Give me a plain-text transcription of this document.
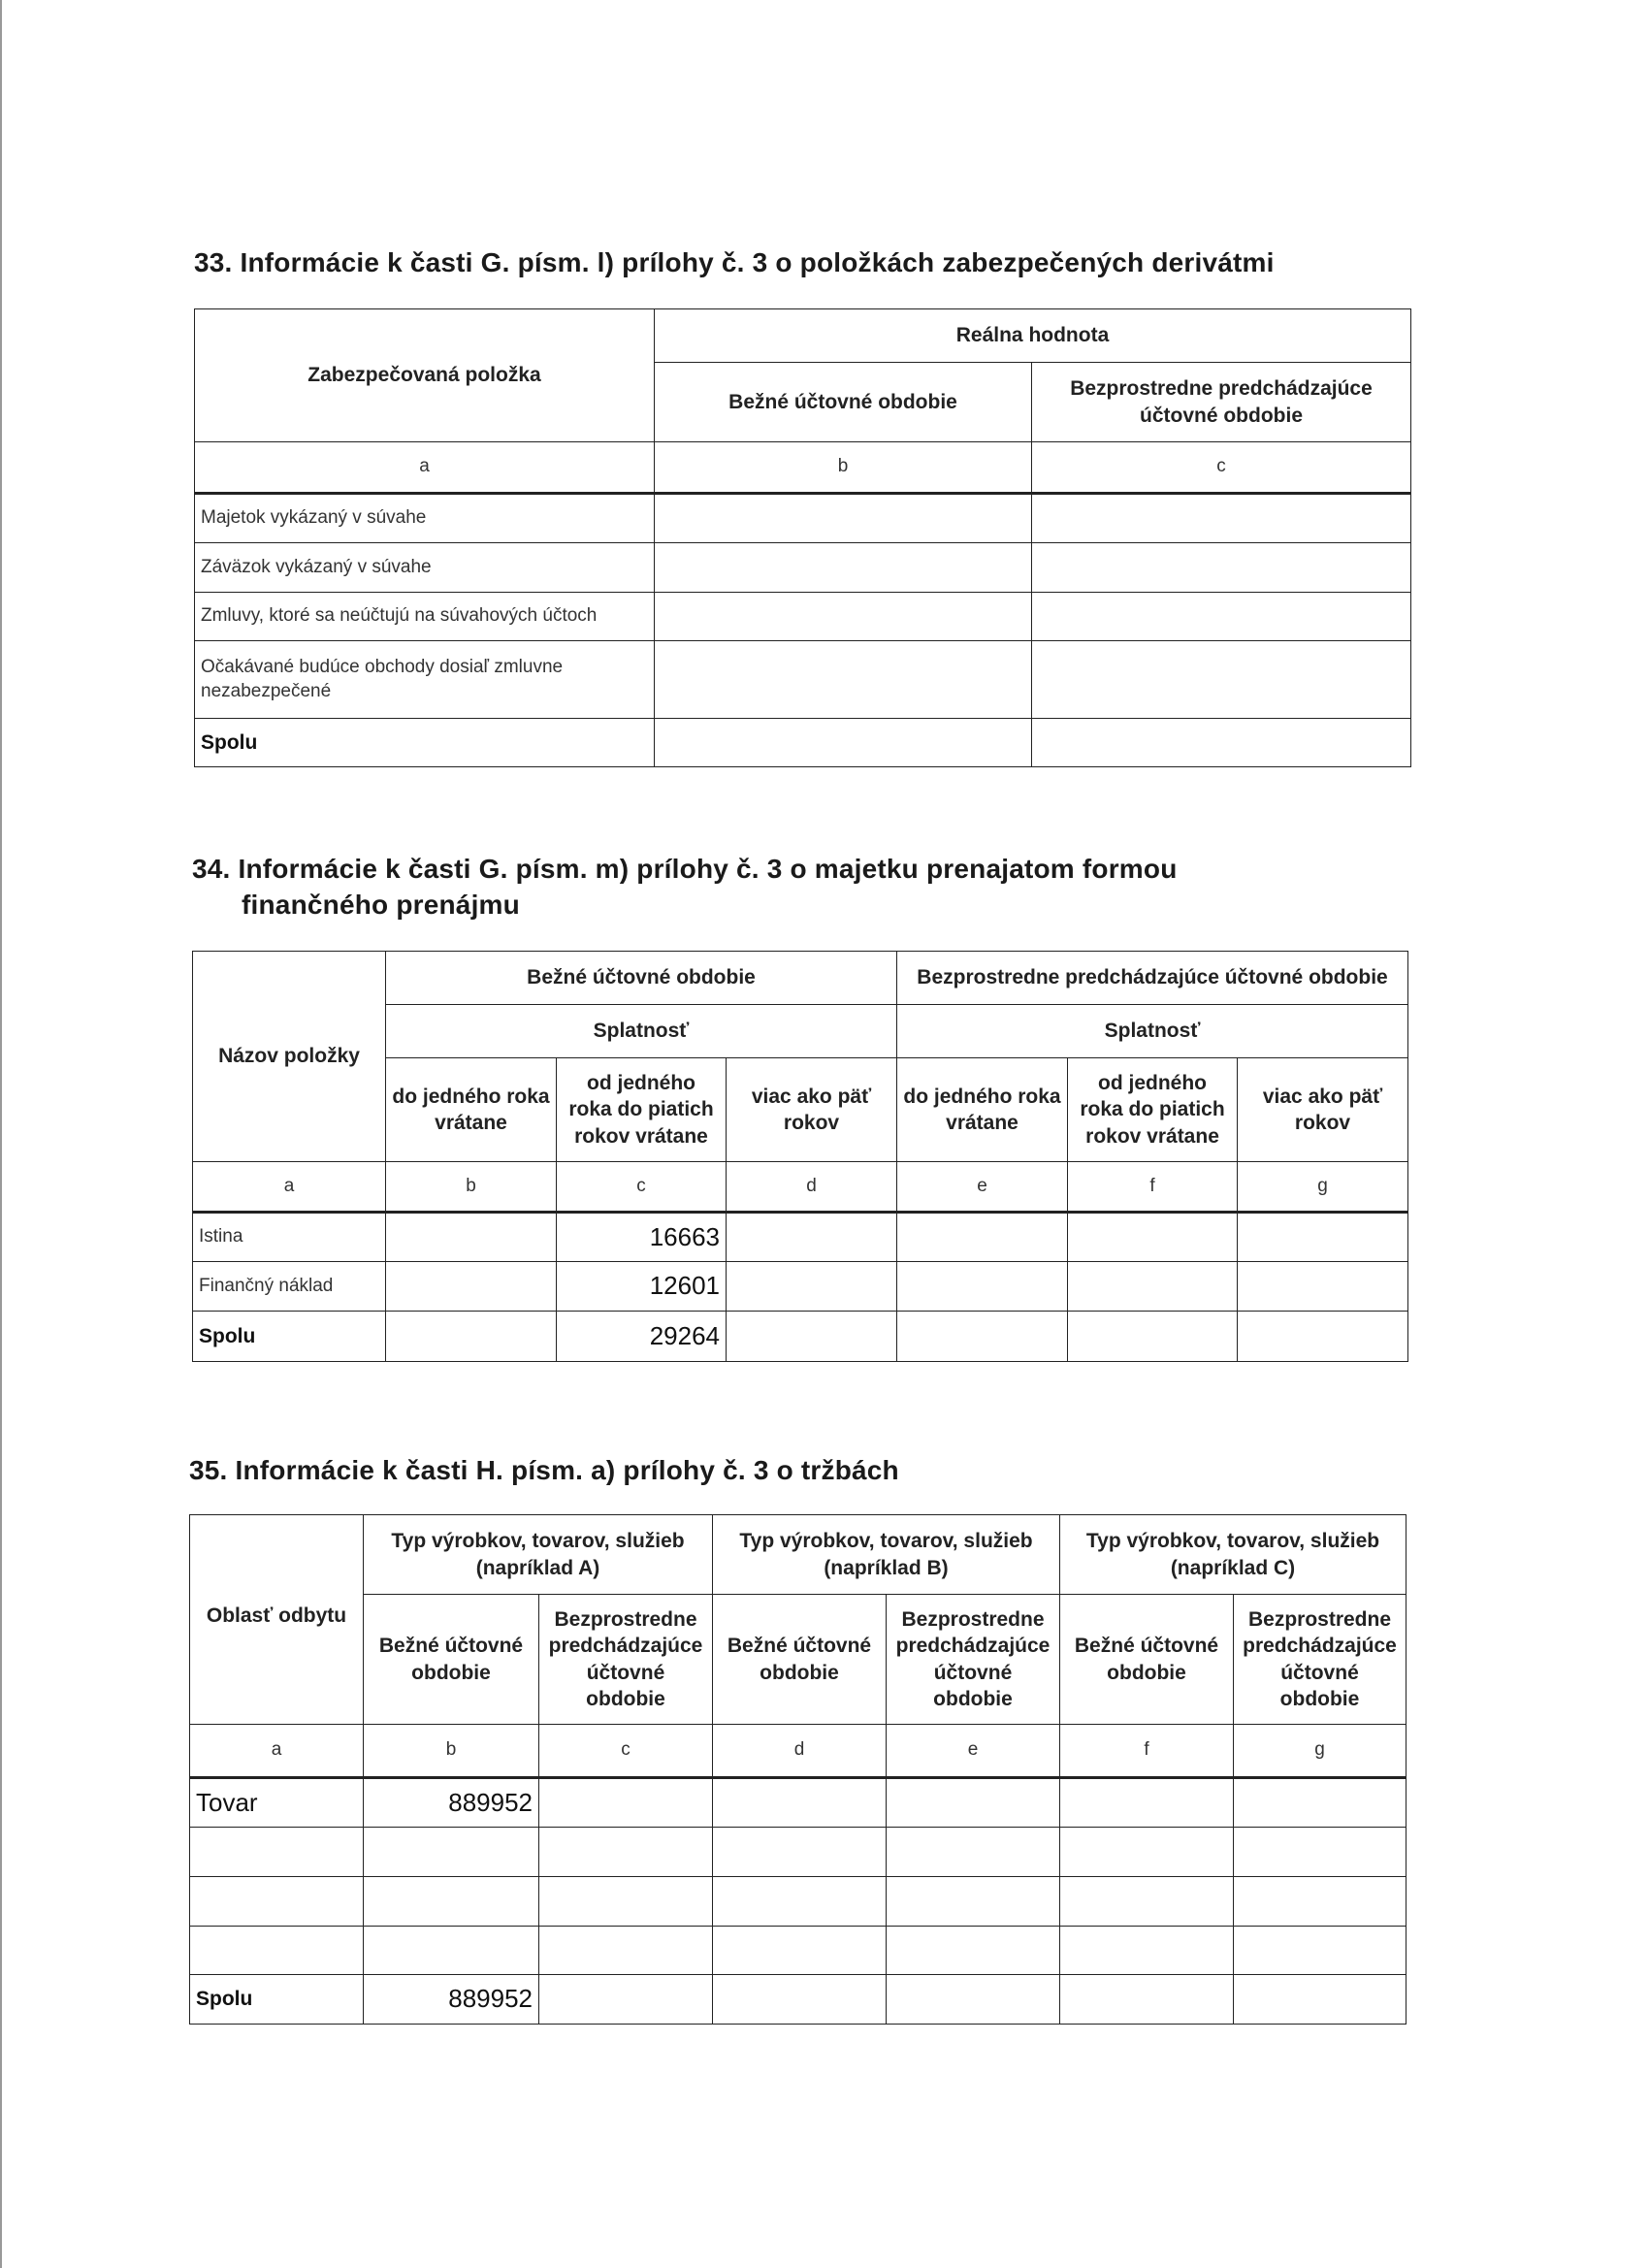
33. Informácie k časti G. písm. l) prílohy č. 3 o položkách zabezpečených derivátmi
Zabezpečovaná položka	Reálna hodnota	
	Bežné účtovné obdobie	Bezprostredne predchádzajúce účtovné obdobie
a	b	c
Majetok vykázaný v súvahe		
Záväzok vykázaný v súvahe		
Zmluvy, ktoré sa neúčtujú na súvahových účtoch		
Očakávané budúce obchody dosiaľ zmluvne nezabezpečené		
Spolu		
34. Informácie k časti G. písm. m) prílohy č. 3 o majetku prenajatom formou
finančného prenájmu
Názov položky	Bežné účtovné obdobie			Bezprostredne predchádzajúce účtovné obdobie		
	Splatnosť			Splatnosť		
	do jedného roka vrátane	od jedného roka do piatich rokov vrátane	viac ako päť rokov	do jedného roka vrátane	od jedného roka do piatich rokov vrátane	viac ako päť rokov
a	b	c	d	e	f	g
Istina		16663				
Finančný náklad		12601				
Spolu		29264				
35. Informácie k časti H. písm. a) prílohy č. 3 o tržbách
Oblasť odbytu	Typ výrobkov, tovarov, služieb (napríklad A)		Typ výrobkov, tovarov, služieb (napríklad B)		Typ výrobkov, tovarov, služieb (napríklad C)	
	Bežné účtovné obdobie	Bezprostredne predchádzajúce účtovné obdobie	Bežné účtovné obdobie	Bezprostredne predchádzajúce účtovné obdobie	Bežné účtovné obdobie	Bezprostredne predchádzajúce účtovné obdobie
a	b	c	d	e	f	g
Tovar	889952					

Spolu	889952					
